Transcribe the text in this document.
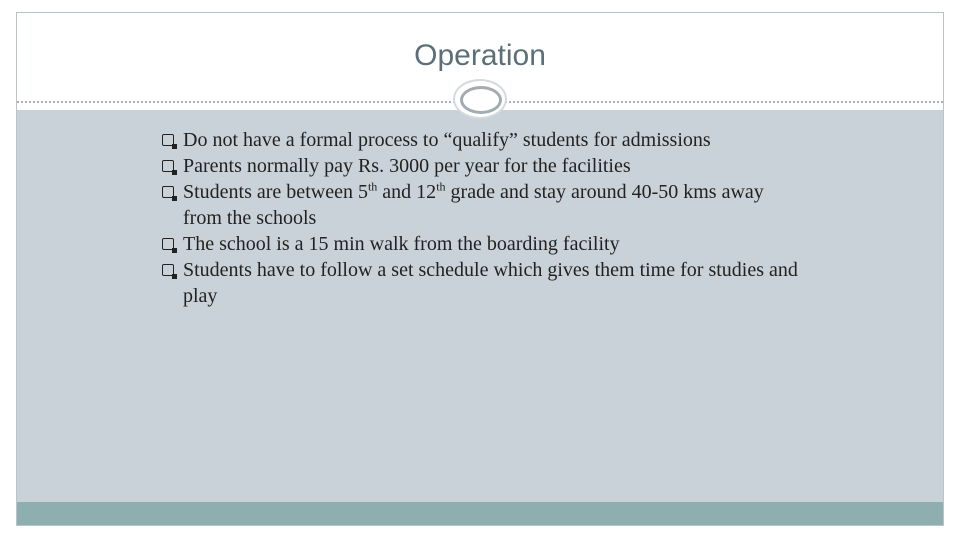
Operation
Do not have a formal process to “qualify” students for admissions
Parents normally pay Rs. 3000 per year for the facilities
Students are between 5th and 12th grade and stay around 40-50 kms away from the schools
The school is a 15 min walk from the boarding facility
Students have to follow a set schedule which gives them time for studies and play
